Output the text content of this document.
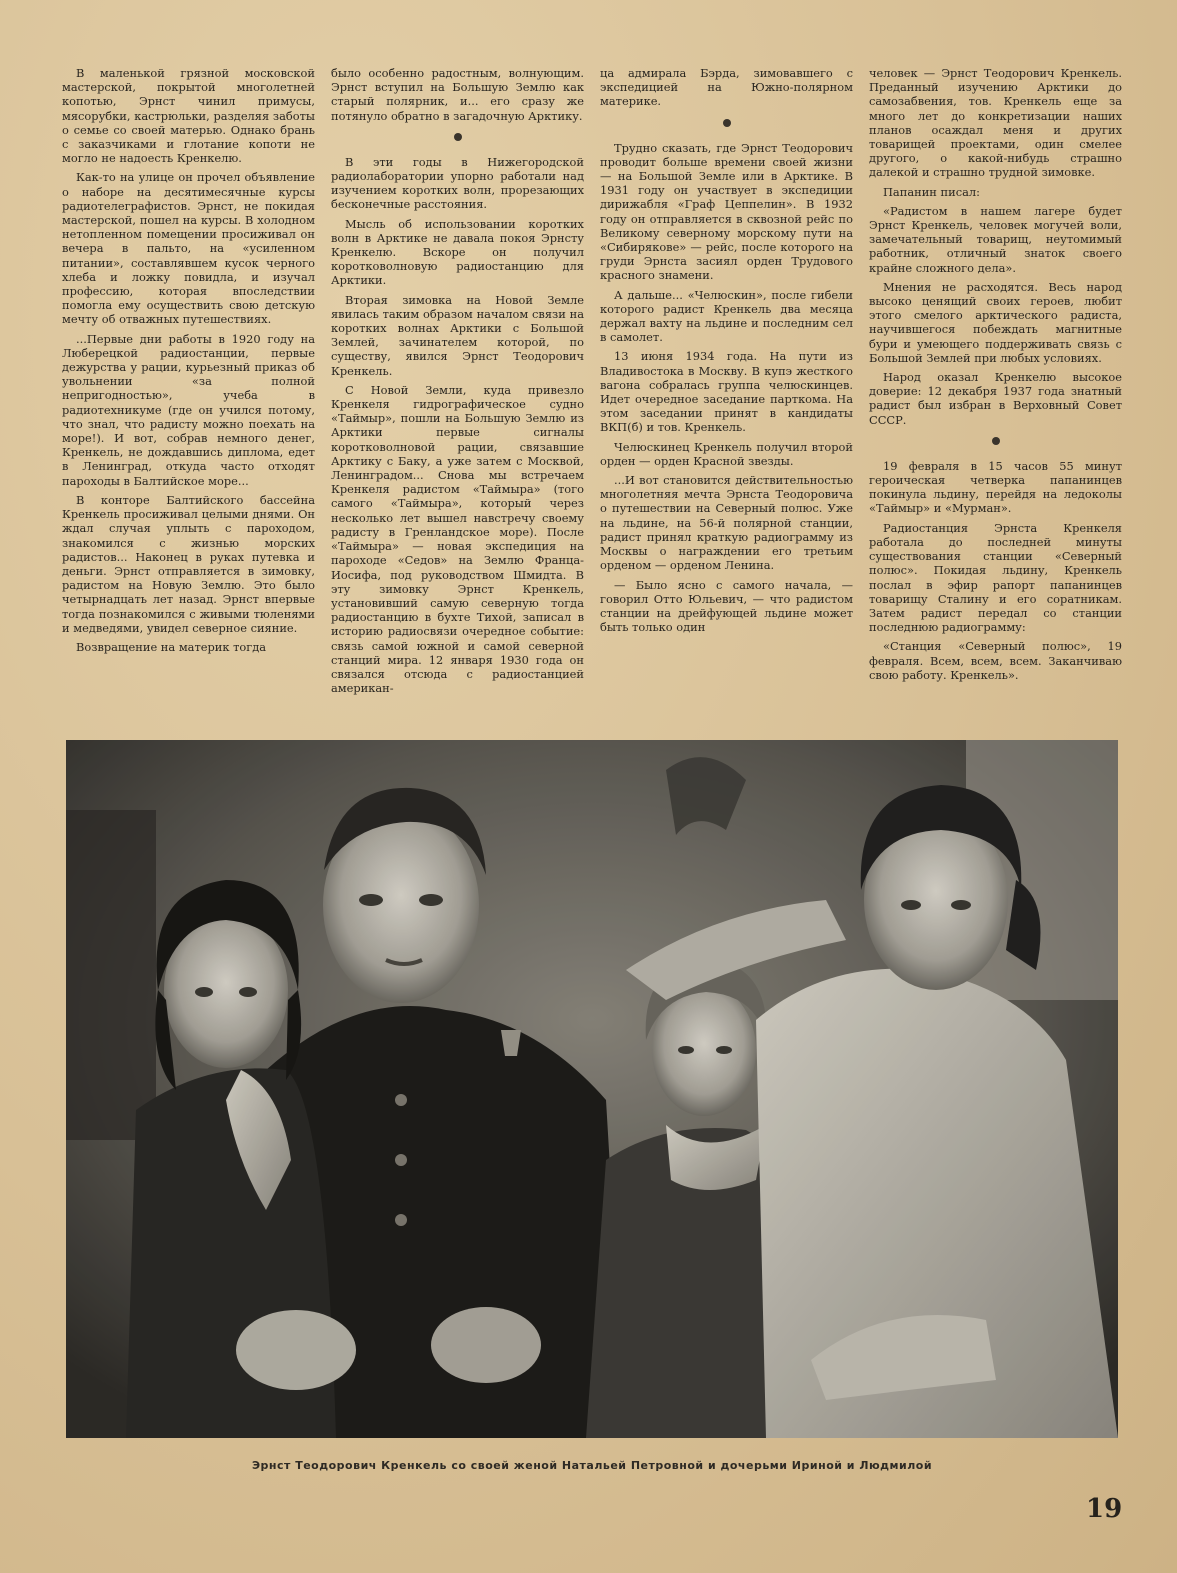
В маленькой грязной московской мастерской, покрытой многолетней копотью, Эрнст чинил примусы, мясорубки, кастрюльки, разделяя заботы о семье со своей матерью. Однако брань с заказчиками и глотание копоти не могло не надоесть Кренкелю.

Как-то на улице он прочел объявление о наборе на десятимесячные курсы радиотелеграфистов. Эрнст, не покидая мастерской, пошел на курсы. В холодном нетопленном помещении просиживал он вечера в пальто, на «усиленном питании», составлявшем кусок черного хлеба и ложку повидла, и изучал профессию, которая впоследствии помогла ему осуществить свою детскую мечту об отважных путешествиях.

...Первые дни работы в 1920 году на Люберецкой радиостанции, первые дежурства у рации, курьезный приказ об увольнении «за полной непригодностью», учеба в радиотехникуме (где он учился потому, что знал, что радисту можно поехать на море!). И вот, собрав немного денег, Кренкель, не дождавшись диплома, едет в Ленинград, откуда часто отходят пароходы в Балтийское море...

В конторе Балтийского бассейна Кренкель просиживал целыми днями. Он ждал случая уплыть с пароходом, знакомился с жизнью морских радистов... Наконец в руках путевка и деньги. Эрнст отправляется в зимовку, радистом на Новую Землю. Это было четырнадцать лет назад. Эрнст впервые тогда познакомился с живыми тюленями и медведями, увидел северное сияние.

Возвращение на материк тогда

было особенно радостным, волнующим. Эрнст вступил на Большую Землю как старый полярник, и... его сразу же потянуло обратно в загадочную Арктику.

В эти годы в Нижегородской радиолаборатории упорно работали над изучением коротких волн, прорезающих бесконечные расстояния.

Мысль об использовании коротких волн в Арктике не давала покоя Эрнсту Кренкелю. Вскоре он получил коротковолновую радиостанцию для Арктики.

Вторая зимовка на Новой Земле явилась таким образом началом связи на коротких волнах Арктики с Большой Землей, зачинателем которой, по существу, явился Эрнст Теодорович Кренкель.

С Новой Земли, куда привезло Кренкеля гидрографическое судно «Таймыр», пошли на Большую Землю из Арктики первые сигналы коротковолновой рации, связавшие Арктику с Баку, а уже затем с Москвой, Ленинградом... Снова мы встречаем Кренкеля радистом «Таймыра» (того самого «Таймыра», который через несколько лет вышел навстречу своему радисту в Гренландское море). После «Таймыра» — новая экспедиция на пароходе «Седов» на Землю Франца-Иосифа, под руководством Шмидта. В эту зимовку Эрнст Кренкель, установивший самую северную тогда радиостанцию в бухте Тихой, записал в историю радиосвязи очередное событие: связь самой южной и самой северной станций мира. 12 января 1930 года он связался отсюда с радиостанцией американ-

ца адмирала Бэрда, зимовавшего с экспедицией на Южно-полярном материке.

Трудно сказать, где Эрнст Теодорович проводит больше времени своей жизни — на Большой Земле или в Арктике. В 1931 году он участвует в экспедиции дирижабля «Граф Цеппелин». В 1932 году он отправляется в сквозной рейс по Великому северному морскому пути на «Сибирякове» — рейс, после которого на груди Эрнста засиял орден Трудового красного знамени.

А дальше... «Челюскин», после гибели которого радист Кренкель два месяца держал вахту на льдине и последним сел в самолет.

13 июня 1934 года. На пути из Владивостока в Москву. В купэ жесткого вагона собралась группа челюскинцев. Идет очередное заседание парткома. На этом заседании принят в кандидаты ВКП(б) и тов. Кренкель.

Челюскинец Кренкель получил второй орден — орден Красной звезды.

...И вот становится действительностью многолетняя мечта Эрнста Теодоровича о путешествии на Северный полюс. Уже на льдине, на 56-й полярной станции, радист принял краткую радиограмму из Москвы о награждении его третьим орденом — орденом Ленина.

— Было ясно с самого начала, — говорил Отто Юльевич, — что радистом станции на дрейфующей льдине может быть только один

человек — Эрнст Теодорович Кренкель. Преданный изучению Арктики до самозабвения, тов. Кренкель еще за много лет до конкретизации наших планов осаждал меня и других товарищей проектами, один смелее другого, о какой-нибудь страшно далекой и страшно трудной зимовке.

Папанин писал:

«Радистом в нашем лагере будет Эрнст Кренкель, человек могучей воли, замечательный товарищ, неутомимый работник, отличный знаток своего крайне сложного дела».

Мнения не расходятся. Весь народ высоко ценящий своих героев, любит этого смелого арктического радиста, научившегося побеждать магнитные бури и умеющего поддерживать связь с Большой Землей при любых условиях.

Народ оказал Кренкелю высокое доверие: 12 декабря 1937 года знатный радист был избран в Верховный Совет СССР.

19 февраля в 15 часов 55 минут героическая четверка папанинцев покинула льдину, перейдя на ледоколы «Таймыр» и «Мурман».

Радиостанция Эрнста Кренкеля работала до последней минуты существования станции «Северный полюс». Покидая льдину, Кренкель послал в эфир рапорт папанинцев товарищу Сталину и его соратникам. Затем радист передал со станции последнюю радиограмму:

«Станция «Северный полюс», 19 февраля. Всем, всем, всем. Заканчиваю свою работу. Кренкель».

Эрнст Теодорович Кренкель со своей женой Натальей Петровной и дочерьми Ириной и Людмилой
19
